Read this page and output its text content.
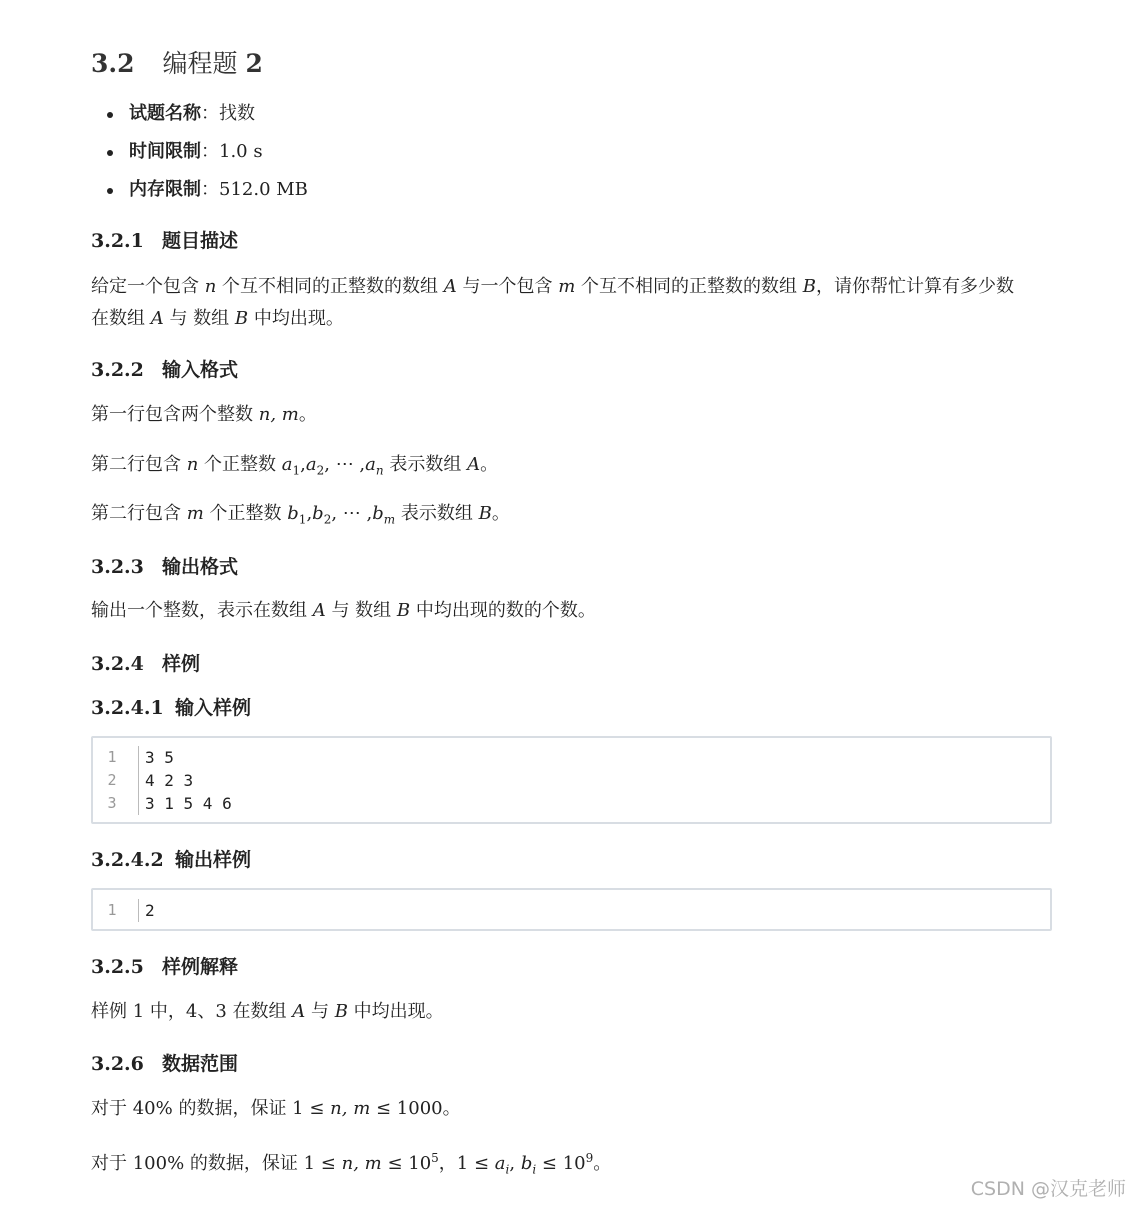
3.2 编程题 2
试题名称：找数
时间限制：1.0 s
内存限制：512.0 MB
3.2.1 题目描述
给定一个包含 n 个互不相同的正整数的数组 A 与一个包含 m 个互不相同的正整数的数组 B，请你帮忙计算有多少数
在数组 A 与 数组 B 中均出现。
3.2.2 输入格式
第一行包含两个整数 n, m。
第二行包含 n 个正整数 $a_1,a_2$, ⋯ $,a_n$ 表示数组 A。
第二行包含 m 个正整数 $b_1,b_2$, ⋯ $,b_m$ 表示数组 B。
3.2.3 输出格式
输出一个整数，表示在数组 A 与 数组 B 中均出现的数的个数。
3.2.4 样例
3.2.4.1 输入样例
1	3 5
2	4 2 3
3	3 1 5 4 6
3.2.4.2 输出样例
1	2
3.2.5 样例解释
样例 1 中，4、3 在数组 A 与 B 中均出现。
3.2.6 数据范围
对于 40% 的数据，保证 1 ≤ n, m ≤ 1000。
对于 100% 的数据，保证 1 ≤ n, $m \le 10^5$，$1 \le a_i$, $b_i \le 10^9$。
CSDN @汉克老师
